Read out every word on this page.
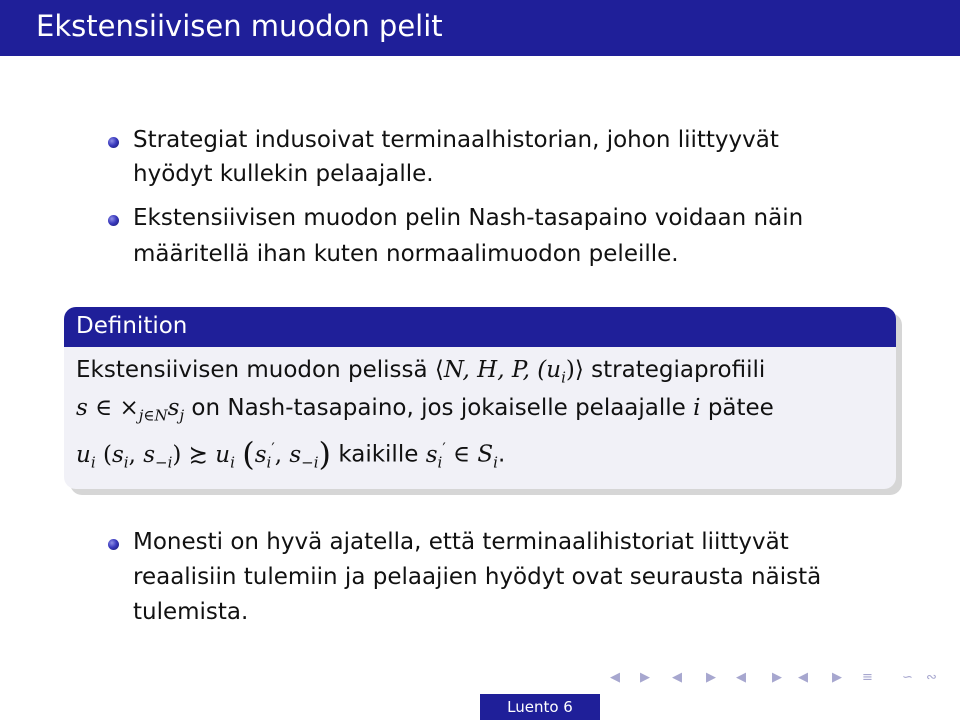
Ekstensiivisen muodon pelit
Strategiat indusoivat terminaalhistorian, johon liittyyvät
hyödyt kullekin pelaajalle.
Ekstensiivisen muodon pelin Nash-tasapaino voidaan näin
määritellä ihan kuten normaalimuodon peleille.
Definition
Ekstensiivisen muodon pelissä ⟨N, H, P, $(u_i)⟩$ strategiaprofiili
s ∈ $\times_{j\in N}s_j$ on Nash-tasapaino, jos jokaiselle pelaajalle i pätee
$u_i$ ($s_i$, $s_{-i}$) ≿ $u_i$ ($s_i'$, $s_{-i}$) kaikille $s_i'$ ∈ $S_i$.
Monesti on hyvä ajatella, että terminaalihistoriat liittyvät
reaalisiin tulemiin ja pelaajien hyödyt ovat seurausta näistä
tulemista.
◀ ▶ ◀ ▶ ◀ ▶ ◀ ▶ ≡ ∽ ∾
Luento 6
